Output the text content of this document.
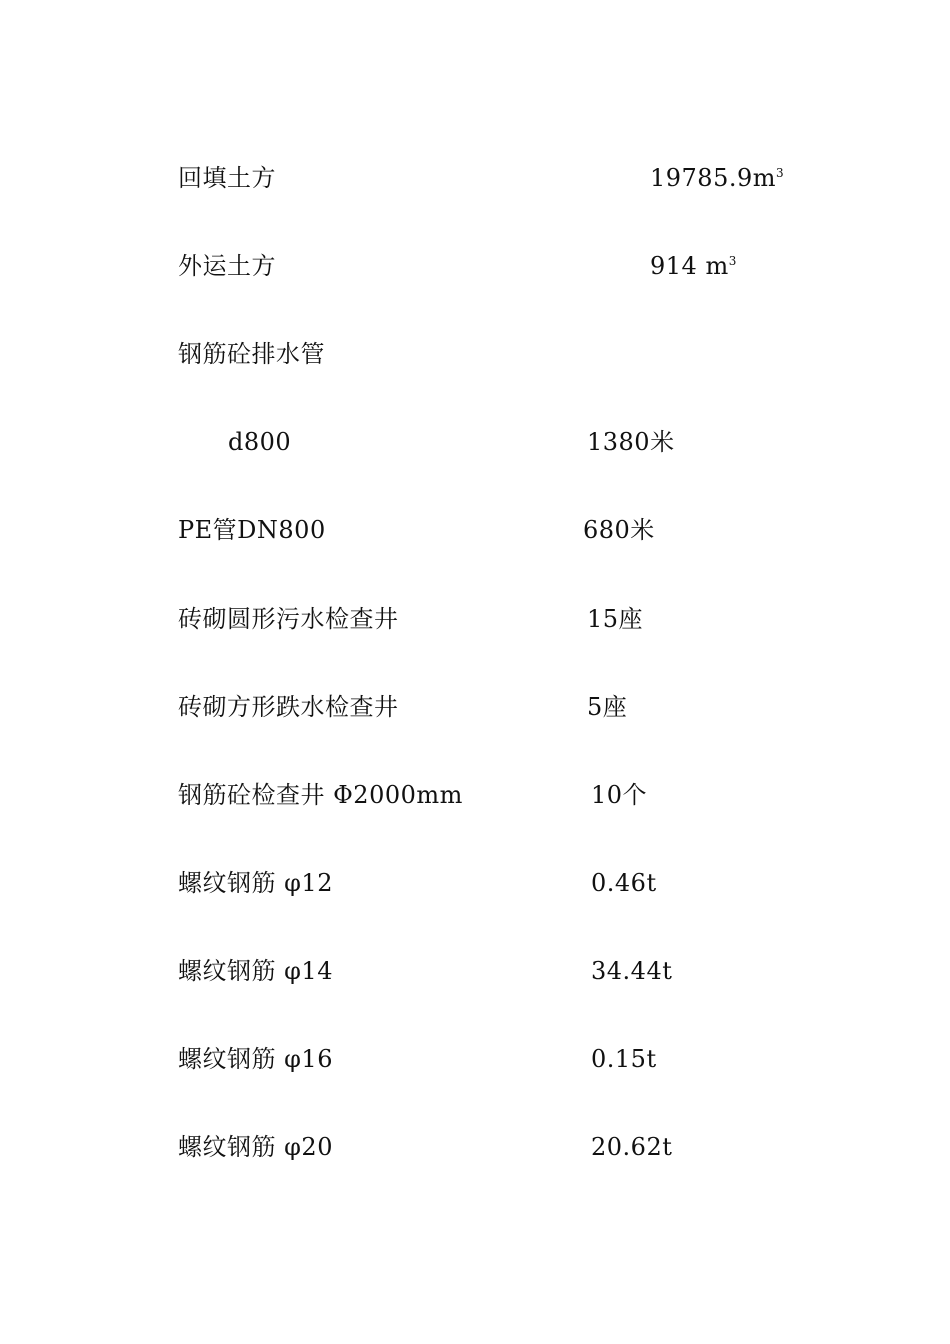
回填土方	$19785.9m^3$
外运土方	914 $m^3$
钢筋砼排水管
d800	1380米
PE管DN800	680米
砖砌圆形污水检查井	15座
砖砌方形跌水检查井	5座
钢筋砼检查井 Φ2000mm	10个
螺纹钢筋 φ12	0.46t
螺纹钢筋 φ14	34.44t
螺纹钢筋 φ16	0.15t
螺纹钢筋 φ20	20.62t
